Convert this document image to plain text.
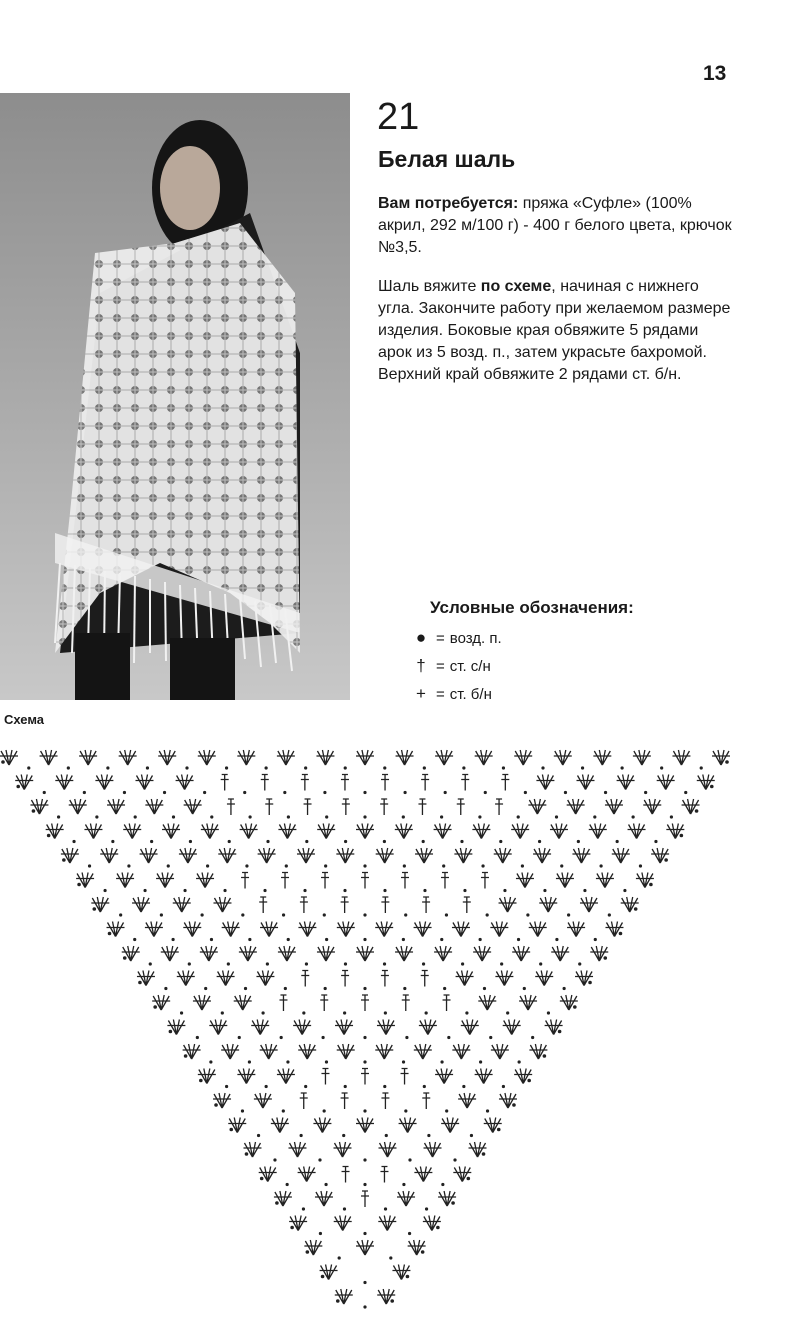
13
21
Белая шаль

Вам потребуется: пряжа «Суфле» (100% акрил, 292 м/100 г) - 400 г белого цвета, крючок №3,5.

Шаль вяжите по схеме, начиная с нижнего угла. Закончите работу при желаемом размере изделия. Боковые края обвяжите 5 рядами арок из 5 возд. п., затем украсьте бахромой. Верхний край обвяжите 2 рядами ст. б/н.

Условные обозначения:
● = возд. п.
† = ст. с/н
+ = ст. б/н
Схема
